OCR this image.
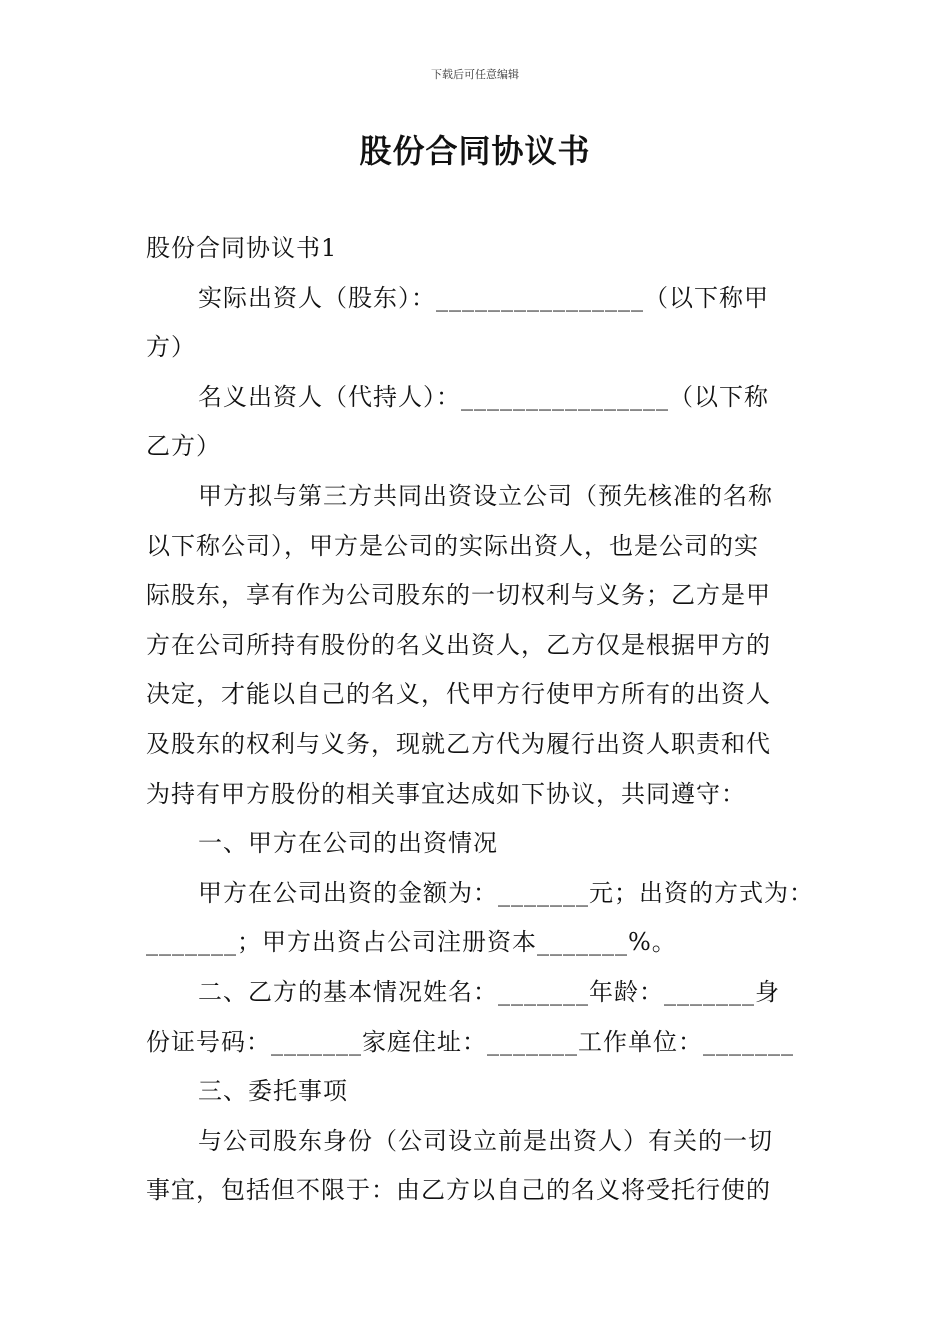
下载后可任意编辑
股份合同协议书
股份合同协议书1
实际出资人（股东）：________________（以下称甲
方）
名义出资人（代持人）：________________（以下称
乙方）
甲方拟与第三方共同出资设立公司（预先核准的名称
以下称公司），甲方是公司的实际出资人，也是公司的实
际股东，享有作为公司股东的一切权利与义务；乙方是甲
方在公司所持有股份的名义出资人，乙方仅是根据甲方的
决定，才能以自己的名义，代甲方行使甲方所有的出资人
及股东的权利与义务，现就乙方代为履行出资人职责和代
为持有甲方股份的相关事宜达成如下协议，共同遵守：
一、甲方在公司的出资情况
甲方在公司出资的金额为：_______元；出资的方式为：
_______；甲方出资占公司注册资本_______%。
二、乙方的基本情况姓名：_______年龄：_______身
份证号码：_______家庭住址：_______工作单位：_______
三、委托事项
与公司股东身份（公司设立前是出资人）有关的一切
事宜，包括但不限于：由乙方以自己的名义将受托行使的
